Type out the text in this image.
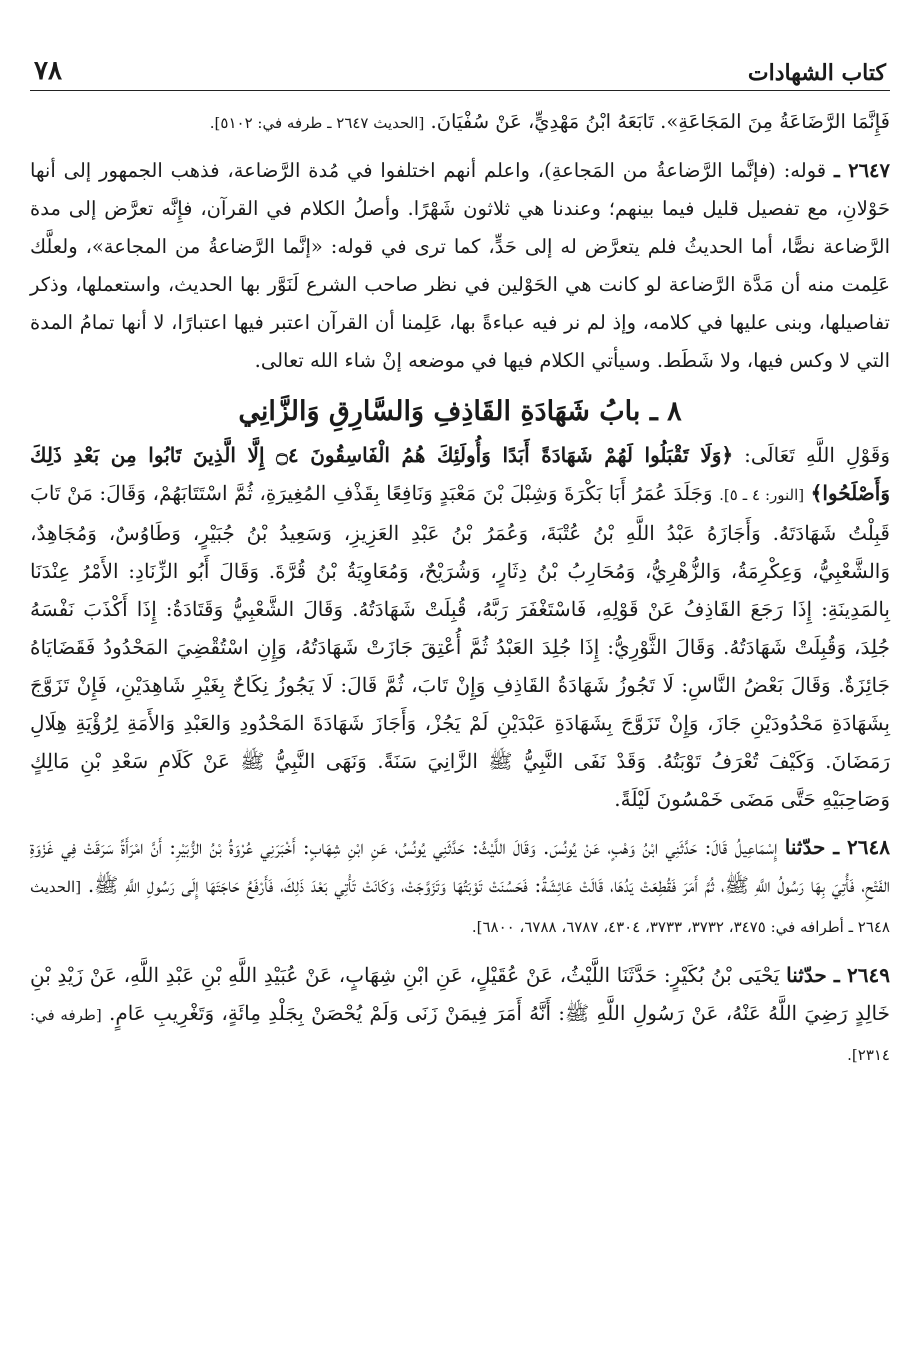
كتاب الشهادات
٧٨

فَإِنَّمَا الرَّضَاعَةُ مِنَ المَجَاعَةِ». تَابَعَهُ ابْنُ مَهْدِيٍّ، عَنْ سُفْيَانَ. [الحديث ٢٦٤٧ ـ طرفه في: ٥١٠٢].

٢٦٤٧ ـ قوله: (فإنَّما الرَّضاعةُ من المَجاعةِ)، واعلم أنهم اختلفوا في مُدة الرَّضاعة، فذهب الجمهور إلى أنها حَوْلانِ، مع تفصيل قليل فيما بينهم؛ وعندنا هي ثلاثون شَهْرًا. وأصلُ الكلام في القرآن، فإِنَّه تعرَّض إلى مدة الرَّضاعة نصًّا، أما الحديثُ فلم يتعرَّض له إلى حَدٍّ، كما ترى في قوله: «إنَّما الرَّضاعةُ من المجاعة»، ولعلَّك عَلِمت منه أن مَدَّة الرَّضاعة لو كانت هي الحَوْلين في نظر صاحب الشرع لَنَوَّر بها الحديث، واستعملها، وذكر تفاصيلها، وبنى عليها في كلامه، وإذ لم نر فيه عباءةً بها، عَلِمنا أن القرآن اعتبر فيها اعتبارًا، لا أنها تمامُ المدة التي لا وكس فيها، ولا شَطَط. وسيأتي الكلام فيها في موضعه إنْ شاء الله تعالى.

٨ ـ بابُ شَهَادَةِ القَاذِفِ وَالسَّارِقِ وَالزَّانِي

وَقَوْلِ اللَّهِ تَعَالَى: ﴿وَلَا تَقْبَلُوا لَهُمْ شَهَادَةً أَبَدًا وَأُولَئِكَ هُمُ الْفَاسِقُونَ ۝٤ إِلَّا الَّذِينَ تَابُوا مِن بَعْدِ ذَلِكَ وَأَصْلَحُوا﴾ [النور: ٤ ـ ٥]. وَجَلَدَ عُمَرُ أَبَا بَكْرَةَ وَشِبْلَ بْنَ مَعْبَدٍ وَنَافِعًا بِقَذْفِ المُغِيرَةِ، ثُمَّ اسْتَتَابَهُمْ، وَقَالَ: مَنْ تَابَ قَبِلْتُ شَهَادَتَهُ. وَأَجَازَهُ عَبْدُ اللَّهِ بْنُ عُتْبَةَ، وَعُمَرُ بْنُ عَبْدِ العَزِيزِ، وَسَعِيدُ بْنُ جُبَيْرٍ، وَطَاوُسٌ، وَمُجَاهِدٌ، وَالشَّعْبِيُّ، وَعِكْرِمَةُ، وَالزُّهْرِيُّ، وَمُحَارِبُ بْنُ دِثَارٍ، وَشُرَيْحٌ، وَمُعَاوِيَةُ بْنُ قُرَّةَ. وَقَالَ أَبُو الزِّنَادِ: الأَمْرُ عِنْدَنَا بِالمَدِينَةِ: إِذَا رَجَعَ القَاذِفُ عَنْ قَوْلِهِ، فَاسْتَغْفَرَ رَبَّهُ، قُبِلَتْ شَهَادَتُهُ. وَقَالَ الشَّعْبِيُّ وَقَتَادَةُ: إِذَا أَكْذَبَ نَفْسَهُ جُلِدَ، وَقُبِلَتْ شَهَادَتُهُ. وَقَالَ الثَّوْرِيُّ: إِذَا جُلِدَ العَبْدُ ثُمَّ أُعْتِقَ جَازَتْ شَهَادَتُهُ، وَإِنِ اسْتُقْضِيَ المَحْدُودُ فَقَضَايَاهُ جَائِزَةٌ. وَقَالَ بَعْضُ النَّاسِ: لَا تَجُوزُ شَهَادَةُ القَاذِفِ وَإِنْ تَابَ، ثُمَّ قَالَ: لَا يَجُوزُ نِكَاحٌ بِغَيْرِ شَاهِدَيْنِ، فَإِنْ تَزَوَّجَ بِشَهَادَةِ مَحْدُودَيْنِ جَازَ، وَإِنْ تَزَوَّجَ بِشَهَادَةِ عَبْدَيْنِ لَمْ يَجُزْ، وَأَجَازَ شَهَادَةَ المَحْدُودِ وَالعَبْدِ وَالأَمَةِ لِرُؤْيَةِ هِلَالِ رَمَضَانَ. وَكَيْفَ تُعْرَفُ تَوْبَتُهُ. وَقَدْ نَفَى النَّبِيُّ ﷺ الزَّانِيَ سَنَةً. وَنَهَى النَّبِيُّ ﷺ عَنْ كَلَامِ سَعْدِ بْنِ مَالِكٍ وَصَاحِبَيْهِ حَتَّى مَضَى خَمْسُونَ لَيْلَةً.

٢٦٤٨ ـ حدّثنا إِسْمَاعِيلُ قَالَ: حَدَّثَنِي ابْنُ وَهْبٍ، عَنْ يُونُسَ. وَقَالَ اللَّيْثُ: حَدَّثَنِي يُونُسُ، عَنِ ابْنِ شِهَابٍ: أَخْبَرَنِي عُرْوَةُ بْنُ الزُّبَيْرِ: أَنَّ امْرَأَةً سَرَقَتْ فِي غَزْوَةِ الفَتْحِ، فَأُتِيَ بِهَا رَسُولُ اللَّهِ ﷺ، ثُمَّ أَمَرَ فَقُطِعَتْ يَدُهَا، قَالَتْ عَائِشَةُ: فَحَسُنَتْ تَوْبَتُهَا وَتَزَوَّجَتْ، وَكَانَتْ تَأْتِي بَعْدَ ذَلِكَ، فَأَرْفَعُ حَاجَتَهَا إِلَى رَسُولِ اللَّهِ ﷺ. [الحديث ٢٦٤٨ ـ أطرافه في: ٣٤٧٥، ٣٧٣٢، ٣٧٣٣، ٤٣٠٤، ٦٧٨٧، ٦٧٨٨، ٦٨٠٠].

٢٦٤٩ ـ حدّثنا يَحْيَى بْنُ بُكَيْرٍ: حَدَّثَنَا اللَّيْثُ، عَنْ عُقَيْلٍ، عَنِ ابْنِ شِهَابٍ، عَنْ عُبَيْدِ اللَّهِ بْنِ عَبْدِ اللَّهِ، عَنْ زَيْدِ بْنِ خَالِدٍ رَضِيَ اللَّهُ عَنْهُ، عَنْ رَسُولِ اللَّهِ ﷺ: أَنَّهُ أَمَرَ فِيمَنْ زَنَى وَلَمْ يُحْصَنْ بِجَلْدِ مِائَةٍ، وَتَغْرِيبِ عَامٍ. [طرفه في: ٢٣١٤].
